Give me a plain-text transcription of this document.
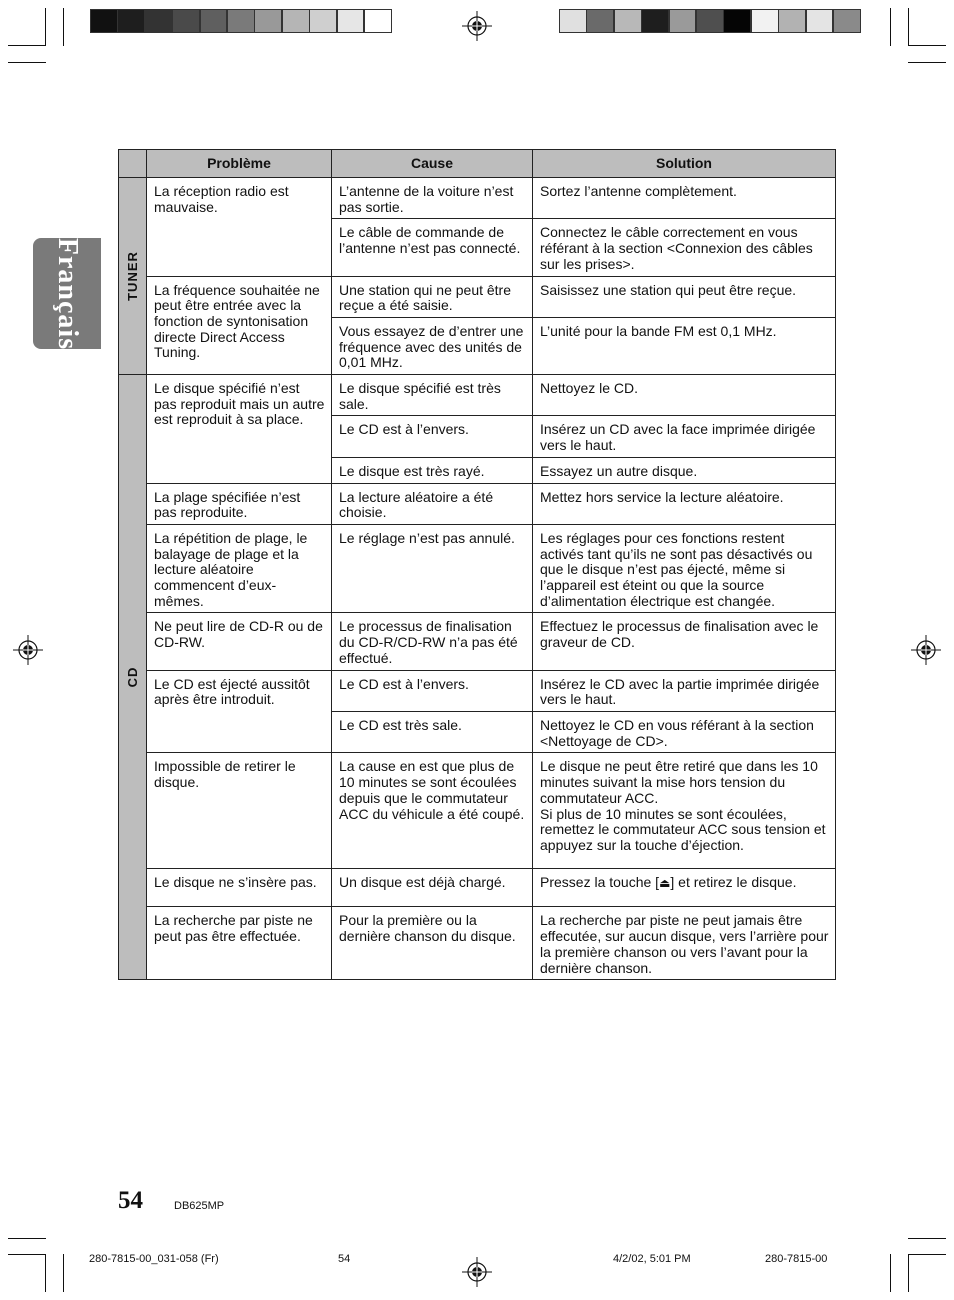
Français
	Problème	Cause	Solution

TUNER	La réception radio est mauvaise.	L’antenne de la voiture n’est pas sortie.	Sortez l’antenne complètement.
		Le câble de commande de l’antenne n’est pas connecté.	Connectez le câble correctement en vous référant à la section <Connexion des câbles sur les prises>.
	La fréquence souhaitée ne peut être entrée avec la fonction de syntonisation directe Direct Access Tuning.	Une station qui ne peut être reçue a été saisie.	Saisissez une station qui peut être reçue.
		Vous essayez de d’entrer une fréquence avec des unités de 0,01 MHz.	L’unité pour la bande FM est 0,1 MHz.

CD	Le disque spécifié n’est pas reproduit mais un autre est reproduit à sa place.	Le disque spécifié est très sale.	Nettoyez le CD.
		Le CD est à l’envers.	Insérez un CD avec la face imprimée dirigée vers le haut.
		Le disque est très rayé.	Essayez un autre disque.
	La plage spécifiée n’est pas reproduite.	La lecture aléatoire a été choisie.	Mettez hors service la lecture aléatoire.
	La répétition de plage, le balayage de plage et la lecture aléatoire commencent d’eux-mêmes.	Le réglage n’est pas annulé.	Les réglages pour ces fonctions restent activés tant qu’ils ne sont pas désactivés ou que le disque n’est pas éjecté, même si l’appareil est éteint ou que la source d’alimentation électrique est changée.
	Ne peut lire de CD-R ou de CD-RW.	Le processus de finalisation du CD-R/CD-RW n’a pas été effectué.	Effectuez le processus de finalisation avec le graveur de CD.
	Le CD est éjecté aussitôt après être introduit.	Le CD est à l’envers.	Insérez le CD avec la partie imprimée dirigée vers le haut.
		Le CD est très sale.	Nettoyez le CD en vous référant à la section <Nettoyage de CD>.
	Impossible de retirer le disque.	La cause en est que plus de 10 minutes se sont écoulées depuis que le commutateur ACC du véhicule a été coupé.	Le disque ne peut être retiré que dans les 10 minutes suivant la mise hors tension du commutateur ACC.
Si plus de 10 minutes se sont écoulées, remettez le commutateur ACC sous tension et appuyez sur la touche d’éjection.

	Le disque ne s’insère pas.	Un disque est déjà chargé.	Pressez la touche [⏏] et retirez le disque.
	La recherche par piste ne peut pas être effectuée.	Pour la première ou la dernière chanson du disque.	La recherche par piste ne peut jamais être effecutée, sur aucun disque, vers l’arrière pour la première chanson ou vers l’avant pour la dernière chanson.
54	DB625MP
280-7815-00_031-058 (Fr)	54	4/2/02, 5:01 PM	280-7815-00
